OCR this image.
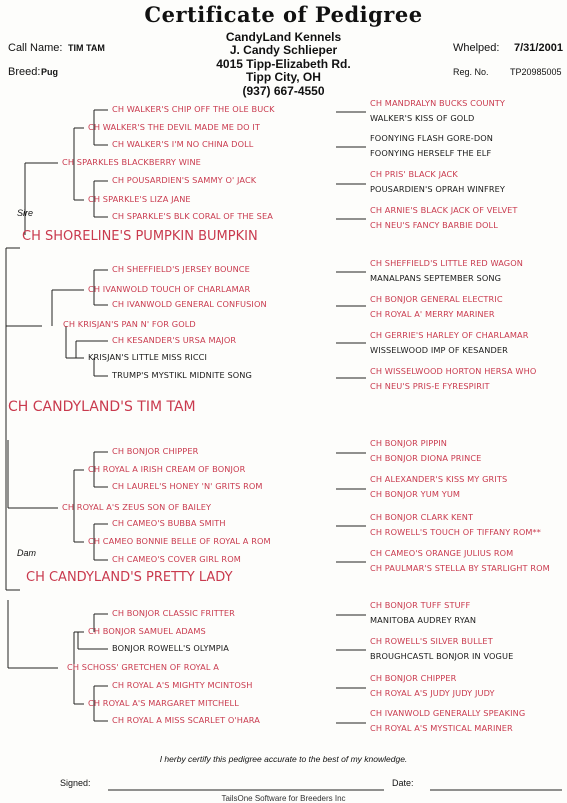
Certificate of Pedigree
CandyLand Kennels
J. Candy Schlieper
4015 Tipp-Elizabeth Rd.
Tipp City, OH
(937) 667-4550
Call Name: TIM TAM
Breed: Pug
Whelped: 7/31/2001
Reg. No. TP20985005
Sire
Dam
CH CANDYLAND'S TIM TAM
CH SHORELINE'S PUMPKIN BUMPKIN
CH CANDYLAND'S PRETTY LADY
CH SPARKLES BLACKBERRY WINE
CH KRISJAN'S PAN N' FOR GOLD
CH ROYAL A'S ZEUS SON OF BAILEY
CH SCHOSS' GRETCHEN OF ROYAL A
CH WALKER'S THE DEVIL MADE ME DO IT
CH SPARKLE'S LIZA JANE
CH IVANWOLD TOUCH OF CHARLAMAR
KRISJAN'S LITTLE MISS RICCI
CH ROYAL A IRISH CREAM OF BONJOR
CH CAMEO BONNIE BELLE OF ROYAL A ROM
CH BONJOR SAMUEL ADAMS
CH ROYAL A'S MARGARET MITCHELL
CH WALKER'S CHIP OFF THE OLE BUCK
CH WALKER'S I'M NO CHINA DOLL
CH POUSARDIEN'S SAMMY O' JACK
CH SPARKLE'S BLK CORAL OF THE SEA
CH SHEFFIELD'S JERSEY BOUNCE
CH IVANWOLD GENERAL CONFUSION
CH KESANDER'S URSA MAJOR
TRUMP'S MYSTIKL MIDNITE SONG
CH BONJOR CHIPPER
CH LAUREL'S HONEY 'N' GRITS ROM
CH CAMEO'S BUBBA SMITH
CH CAMEO'S COVER GIRL ROM
CH BONJOR CLASSIC FRITTER
BONJOR ROWELL'S OLYMPIA
CH ROYAL A'S MIGHTY MCINTOSH
CH ROYAL A MISS SCARLET O'HARA
CH MANDRALYN BUCKS COUNTY
WALKER'S KISS OF GOLD
FOONYING FLASH GORE-DON
FOONYING HERSELF THE ELF
CH PRIS' BLACK JACK
POUSARDIEN'S OPRAH WINFREY
CH ARNIE'S BLACK JACK OF VELVET
CH NEU'S FANCY BARBIE DOLL
CH SHEFFIELD'S LITTLE RED WAGON
MANALPANS SEPTEMBER SONG
CH BONJOR GENERAL ELECTRIC
CH ROYAL A' MERRY MARINER
CH GERRIE'S HARLEY OF CHARLAMAR
WISSELWOOD IMP OF KESANDER
CH WISSELWOOD HORTON HERSA WHO
CH NEU'S PRIS-E FYRESPIRIT
CH BONJOR PIPPIN
CH BONJOR DIONA PRINCE
CH ALEXANDER'S KISS MY GRITS
CH BONJOR YUM YUM
CH BONJOR CLARK KENT
CH ROWELL'S TOUCH OF TIFFANY ROM**
CH CAMEO'S ORANGE JULIUS ROM
CH PAULMAR'S STELLA BY STARLIGHT ROM
CH BONJOR TUFF STUFF
MANITOBA AUDREY RYAN
CH ROWELL'S SILVER BULLET
BROUGHCASTL BONJOR IN VOGUE
CH BONJOR CHIPPER
CH ROYAL A'S JUDY JUDY JUDY
CH IVANWOLD GENERALLY SPEAKING
CH ROYAL A'S MYSTICAL MARINER
I herby certify this pedigree accurate to the best of my knowledge.
Signed:	Date:
TailsOne Software for Breeders Inc
